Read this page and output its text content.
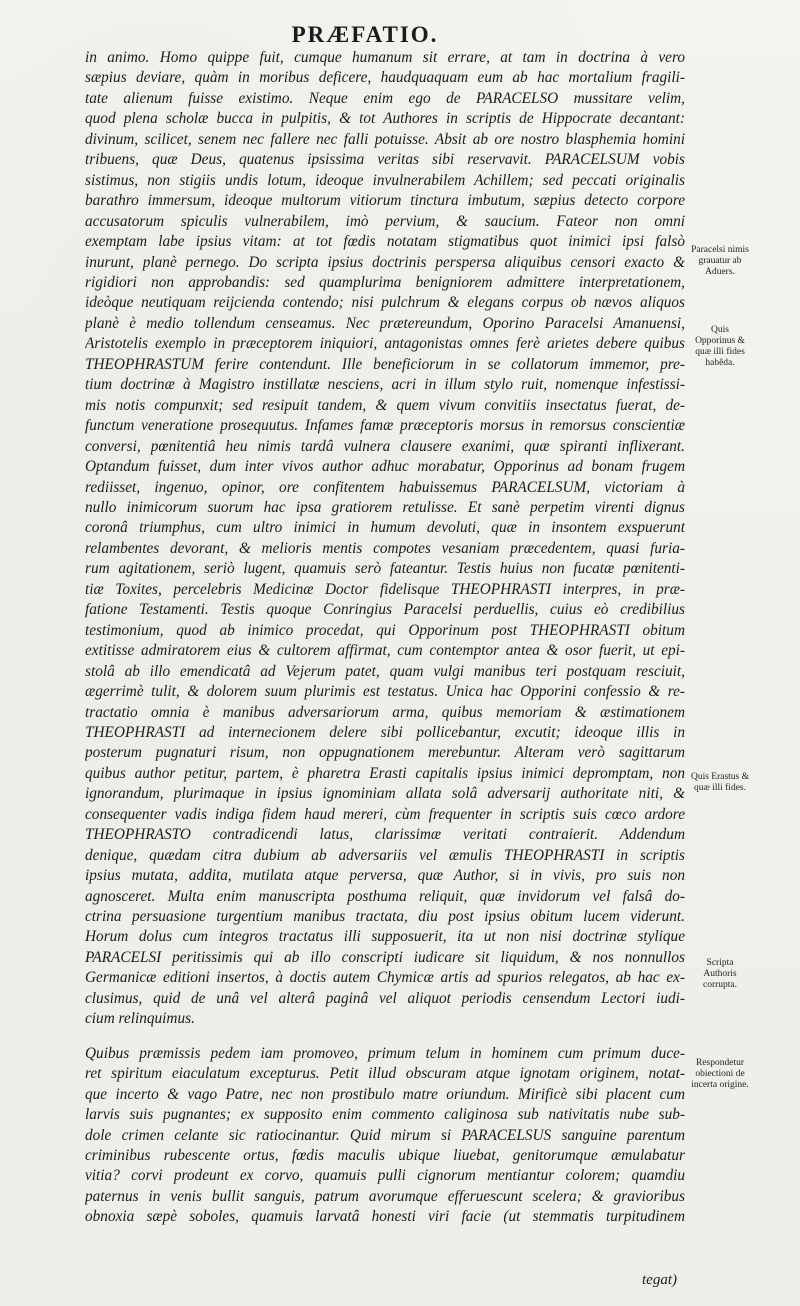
PRÆFATIO.
in animo. Homo quippe fuit, cumque humanum sit errare, at tam in doctrina à vero
sæpius deviare, quàm in moribus deficere, haudquaquam eum ab hac mortalium fragili-
tate alienum fuisse existimo. Neque enim ego de PARACELSO mussitare velim,
quod plena scholæ bucca in pulpitis, & tot Authores in scriptis de Hippocrate decantant:
divinum, scilicet, senem nec fallere nec falli potuisse. Absit ab ore nostro blasphemia homini
tribuens, quæ Deus, quatenus ipsissima veritas sibi reservavit. PARACELSUM vobis
sistimus, non stigiis undis lotum, ideoque invulnerabilem Achillem; sed peccati originalis
barathro immersum, ideoque multorum vitiorum tinctura imbutum, sæpius detecto corpore
accusatorum spiculis vulnerabilem, imò pervium, & saucium. Fateor non omni
exemptam labe ipsius vitam: at tot fœdis notatam stigmatibus quot inimici ipsi falsò
inurunt, planè pernego. Do scripta ipsius doctrinis perspersa aliquibus censori exacto &
rigidiori non approbandis: sed quamplurima benigniorem admittere interpretationem,
ideòque neutiquam reijcienda contendo; nisi pulchrum & elegans corpus ob nævos aliquos
planè è medio tollendum censeamus. Nec prætereundum, Oporino Paracelsi Amanuensi,
Aristotelis exemplo in præceptorem iniquiori, antagonistas omnes ferè arietes debere quibus
THEOPHRASTUM ferire contendunt. Ille beneficiorum in se collatorum immemor, pre-
tium doctrinæ à Magistro instillatæ nesciens, acri in illum stylo ruit, nomenque infestissi-
mis notis compunxit; sed resipuit tandem, & quem vivum convitiis insectatus fuerat, de-
functum veneratione prosequutus. Infames famæ præceptoris morsus in remorsus conscientiæ
conversi, pœnitentiâ heu nimis tardâ vulnera clausere exanimi, quæ spiranti inflixerant.
Optandum fuisset, dum inter vivos author adhuc morabatur, Opporinus ad bonam frugem
rediisset, ingenuo, opinor, ore confitentem habuissemus PARACELSUM, victoriam à
nullo inimicorum suorum hac ipsa gratiorem retulisse. Et sanè perpetim virenti dignus
coronâ triumphus, cum ultro inimici in humum devoluti, quæ in insontem exspuerunt
relambentes devorant, & melioris mentis compotes vesaniam præcedentem, quasi furia-
rum agitationem, seriò lugent, quamuis serò fateantur. Testis huius non fucatæ pœnitenti-
tiæ Toxites, percelebris Medicinæ Doctor fidelisque THEOPHRASTI interpres, in præ-
fatione Testamenti. Testis quoque Conringius Paracelsi perduellis, cuius eò credibilius
testimonium, quod ab inimico procedat, qui Opporinum post THEOPHRASTI obitum
extitisse admiratorem eius & cultorem affirmat, cum contemptor antea & osor fuerit, ut epi-
stolâ ab illo emendicatâ ad Vejerum patet, quam vulgi manibus teri postquam resciuit,
ægerrimè tulit, & dolorem suum plurimis est testatus. Unica hac Opporini confessio & re-
tractatio omnia è manibus adversariorum arma, quibus memoriam & æstimationem
THEOPHRASTI ad internecionem delere sibi pollicebantur, excutit; ideoque illis in
posterum pugnaturi risum, non oppugnationem merebuntur. Alteram verò sagittarum
quibus author petitur, partem, è pharetra Erasti capitalis ipsius inimici depromptam, non
ignorandum, plurimaque in ipsius ignominiam allata solâ adversarij authoritate niti, &
consequenter vadis indiga fidem haud mereri, cùm frequenter in scriptis suis cœco ardore
THEOPHRASTO contradicendi latus, clarissimæ veritati contraierit. Addendum
denique, quædam citra dubium ab adversariis vel æmulis THEOPHRASTI in scriptis
ipsius mutata, addita, mutilata atque perversa, quæ Author, si in vivis, pro suis non
agnosceret. Multa enim manuscripta posthuma reliquit, quæ invidorum vel falsâ do-
ctrina persuasione turgentium manibus tractata, diu post ipsius obitum lucem viderunt.
Horum dolus cum integros tractatus illi supposuerit, ita ut non nisi doctrinæ stylique
PARACELSI peritissimis qui ab illo conscripti iudicare sit liquidum, & nos nonnullos
Germanicæ editioni insertos, à doctis autem Chymicæ artis ad spurios relegatos, ab hac ex-
clusimus, quid de unâ vel alterâ paginâ vel aliquot periodis censendum Lectori iudi-
cium relinquimus.
Quibus præmissis pedem iam promoveo, primum telum in hominem cum primum duce-
ret spiritum eiaculatum excepturus. Petit illud obscuram atque ignotam originem, notat-
que incerto & vago Patre, nec non prostibulo matre oriundum. Mirificè sibi placent cum
larvis suis pugnantes; ex supposito enim commento caliginosa sub nativitatis nube sub-
dole crimen celante sic ratiocinantur. Quid mirum si PARACELSUS sanguine parentum
criminibus rubescente ortus, fœdis maculis ubique liuebat, genitorumque æmulabatur
vitia? corvi prodeunt ex corvo, quamuis pulli cignorum mentiantur colorem; quamdiu
paternus in venis bullit sanguis, patrum avorumque efferuescunt scelera; & gravioribus
obnoxia sæpè soboles, quamuis larvatâ honesti viri facie (ut stemmatis turpitudinem
Paracelsi nimis grauatur ab Aduers.
Quis Opporinus & quæ illi fides habêda.
Quis Erastus & quæ illi fides.
Scripta Authoris corrupta.
Respondetur obiectioni de incerta origine.
tegat)
